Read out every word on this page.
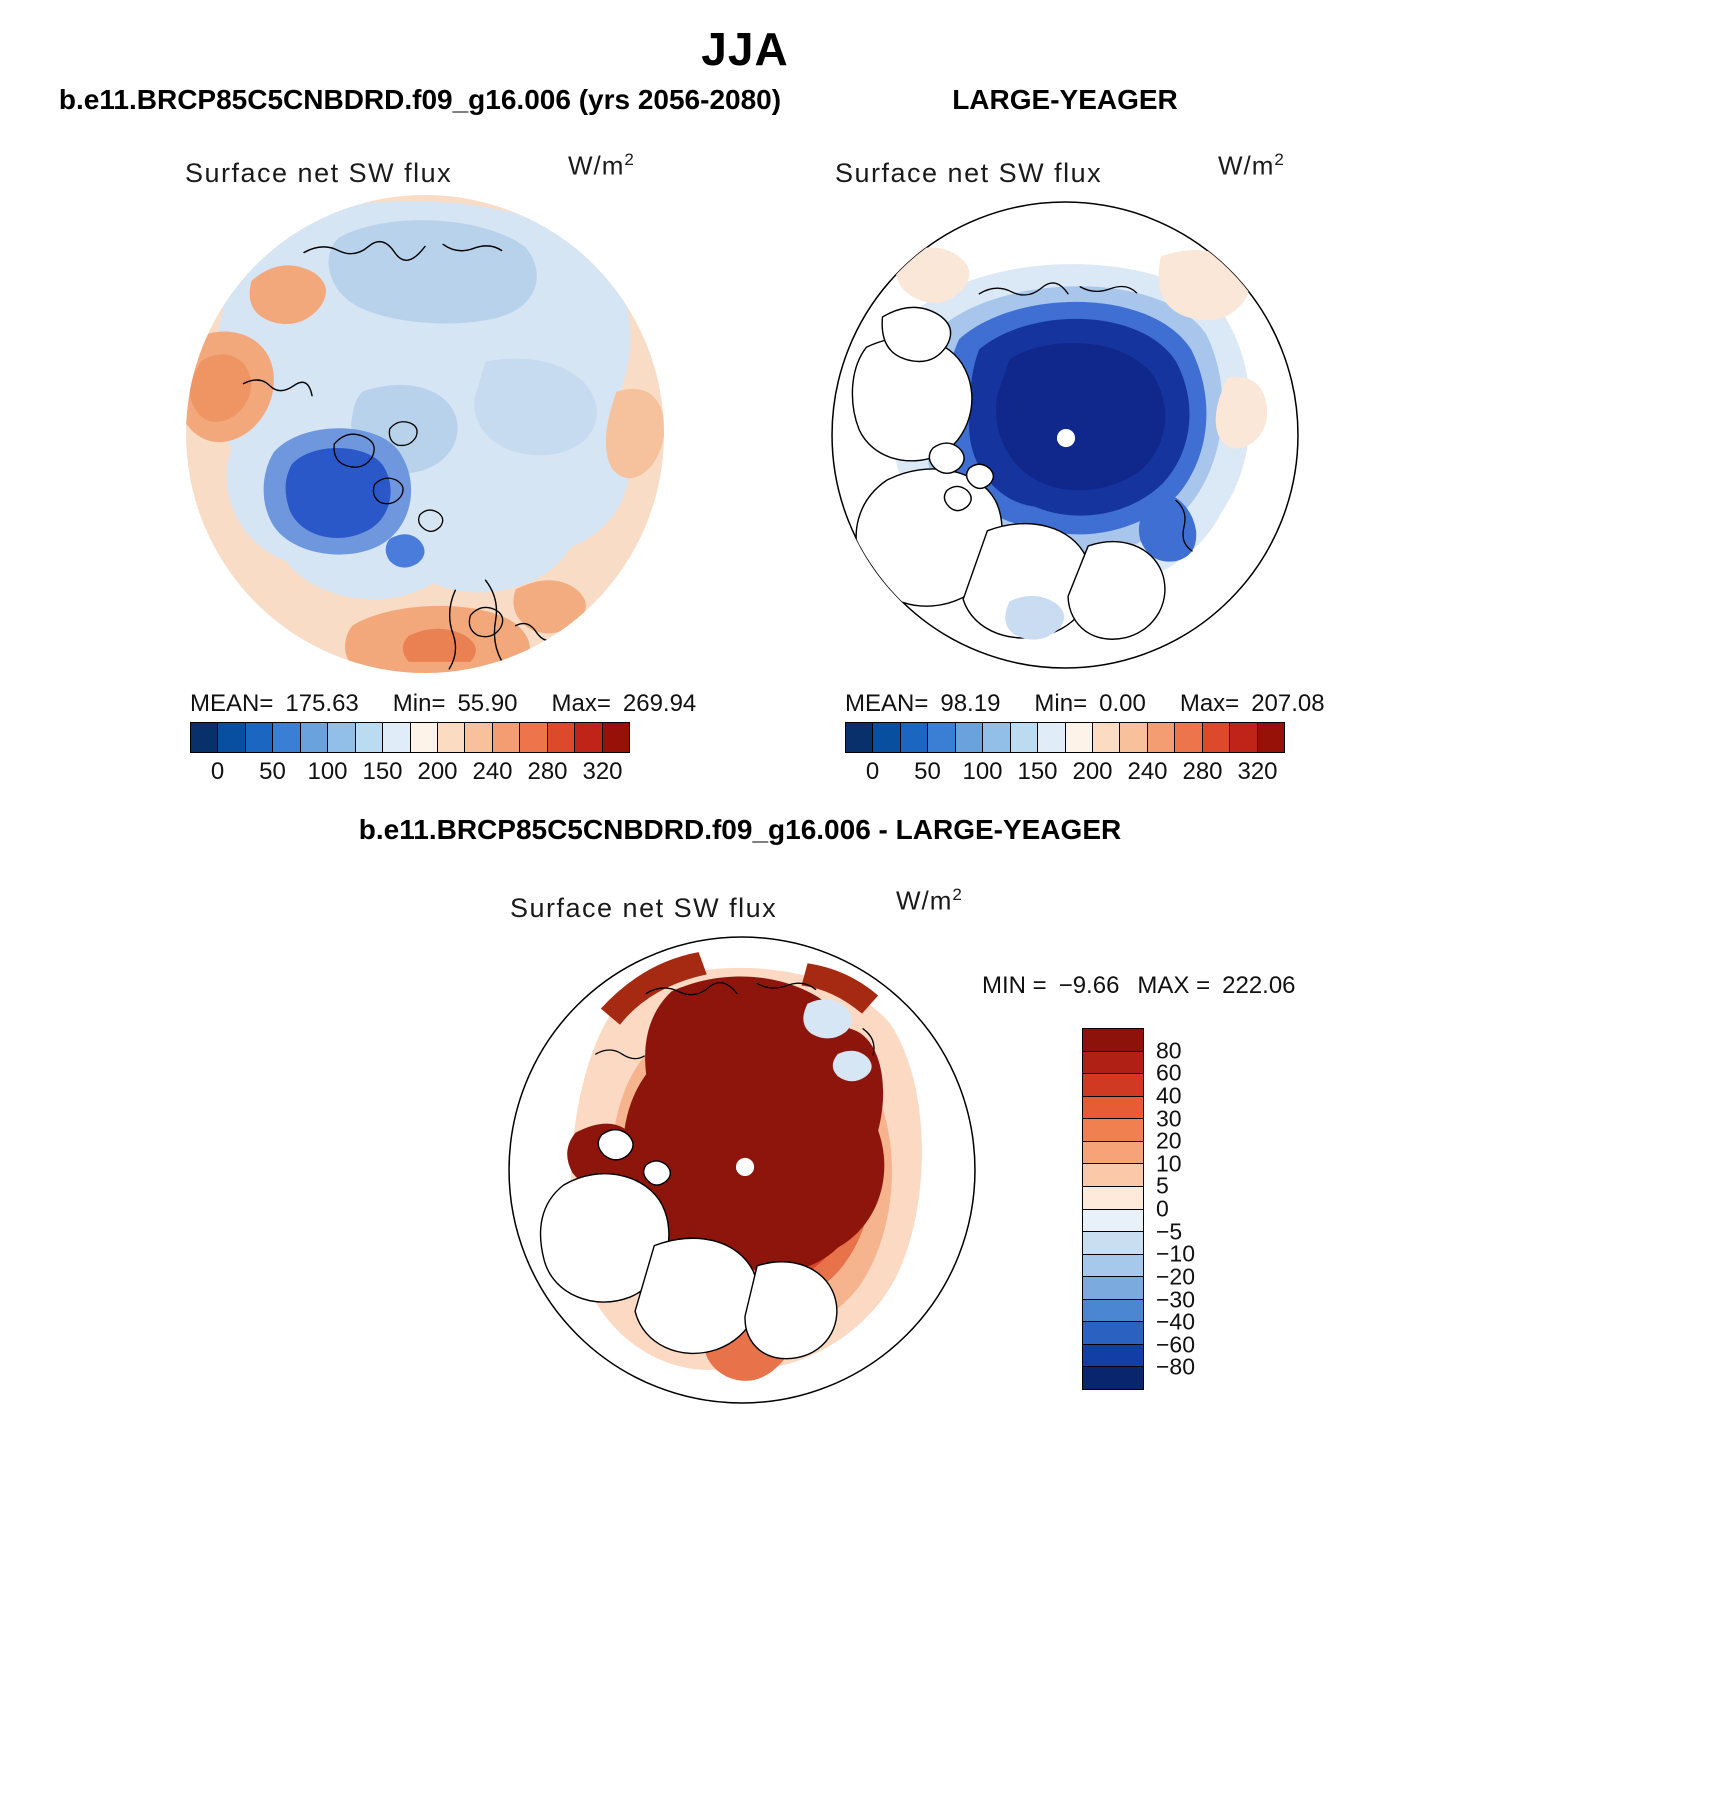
JJA
b.e11.BRCP85C5CNBDRD.f09_g16.006 (yrs 2056-2080)	LARGE-YEAGER
Surface net SW flux	$W/m^2$	Surface net SW flux	$W/m^2$
MEAN= 175.63 Min= 55.90 Max= 269.94
0 50 100 150 200 240 280 320
MEAN= 98.19 Min= 0.00 Max= 207.08
0 50 100 150 200 240 280 320
b.e11.BRCP85C5CNBDRD.f09_g16.006 - LARGE-YEAGER
Surface net SW flux	$W/m^2$
MIN = −9.66 MAX = 222.06
80
60
40
30
20
10
5
0
−5
−10
−20
−30
−40
−60
−80
